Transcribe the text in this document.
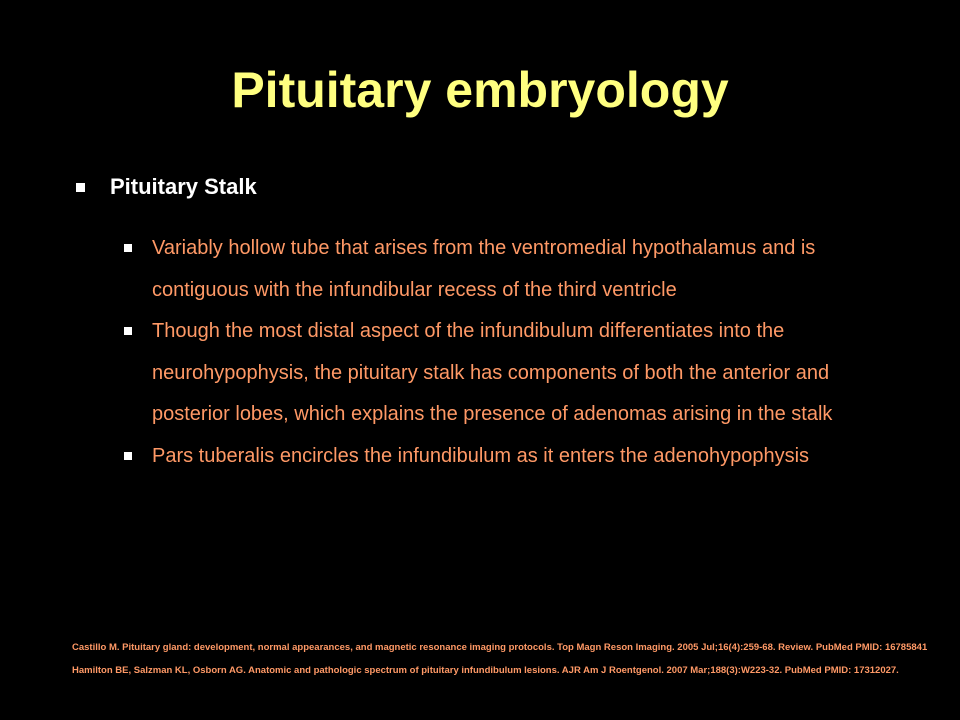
Pituitary embryology
Pituitary Stalk
Variably hollow tube that arises from the ventromedial hypothalamus and is contiguous with the infundibular recess of the third ventricle
Though the most distal aspect of the infundibulum differentiates into the neurohypophysis, the pituitary stalk has components of both the anterior and posterior lobes, which explains the presence of adenomas arising in the stalk
Pars tuberalis encircles the infundibulum as it enters the adenohypophysis

Castillo M. Pituitary gland: development, normal appearances, and magnetic resonance imaging protocols. Top Magn Reson Imaging. 2005 Jul;16(4):259-68. Review. PubMed PMID: 16785841

Hamilton BE, Salzman KL, Osborn AG. Anatomic and pathologic spectrum of pituitary infundibulum lesions. AJR Am J Roentgenol. 2007 Mar;188(3):W223-32. PubMed PMID: 17312027.
